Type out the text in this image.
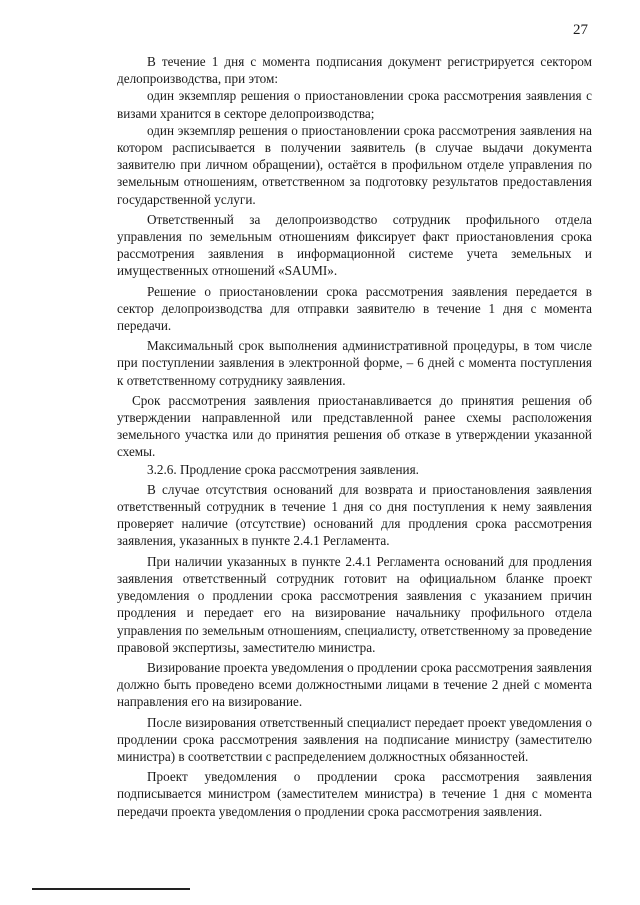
27

В течение 1 дня с момента подписания документ регистрируется сектором делопроизводства, при этом:

один экземпляр решения о приостановлении срока рассмотрения заявления с визами хранится в секторе делопроизводства;

один экземпляр решения о приостановлении срока рассмотрения заявления на котором расписывается в получении заявитель (в случае выдачи документа заявителю при личном обращении), остаётся в профильном отделе управления по земельным отношениям, ответственном за подготовку результатов предоставления государственной услуги.

Ответственный за делопроизводство сотрудник профильного отдела управления по земельным отношениям фиксирует факт приостановления срока рассмотрения заявления в информационной системе учета земельных и имущественных отношений «SAUMI».

Решение о приостановлении срока рассмотрения заявления передается в сектор делопроизводства для отправки заявителю в течение 1 дня с момента передачи.

Максимальный срок выполнения административной процедуры, в том числе при поступлении заявления в электронной форме, – 6 дней с момента поступления к ответственному сотруднику заявления.

Срок рассмотрения заявления приостанавливается до принятия решения об утверждении направленной или представленной ранее схемы расположения земельного участка или до принятия решения об отказе в утверждении указанной схемы.

3.2.6. Продление срока рассмотрения заявления.

В случае отсутствия оснований для возврата и приостановления заявления ответственный сотрудник в течение 1 дня со дня поступления к нему заявления проверяет наличие (отсутствие) оснований для продления срока рассмотрения заявления, указанных в пункте 2.4.1 Регламента.

При наличии указанных в пункте 2.4.1 Регламента оснований для продления заявления ответственный сотрудник готовит на официальном бланке проект уведомления о продлении срока рассмотрения заявления с указанием причин продления и передает его на визирование начальнику профильного отдела управления по земельным отношениям, специалисту, ответственному за проведение правовой экспертизы, заместителю министра.

Визирование проекта уведомления о продлении срока рассмотрения заявления должно быть проведено всеми должностными лицами в течение 2 дней с момента направления его на визирование.

После визирования ответственный специалист передает проект уведомления о продлении срока рассмотрения заявления на подписание министру (заместителю министра) в соответствии с распределением должностных обязанностей.

Проект уведомления о продлении срока рассмотрения заявления подписывается министром (заместителем министра) в течение 1 дня с момента передачи проекта уведомления о продлении срока рассмотрения заявления.
